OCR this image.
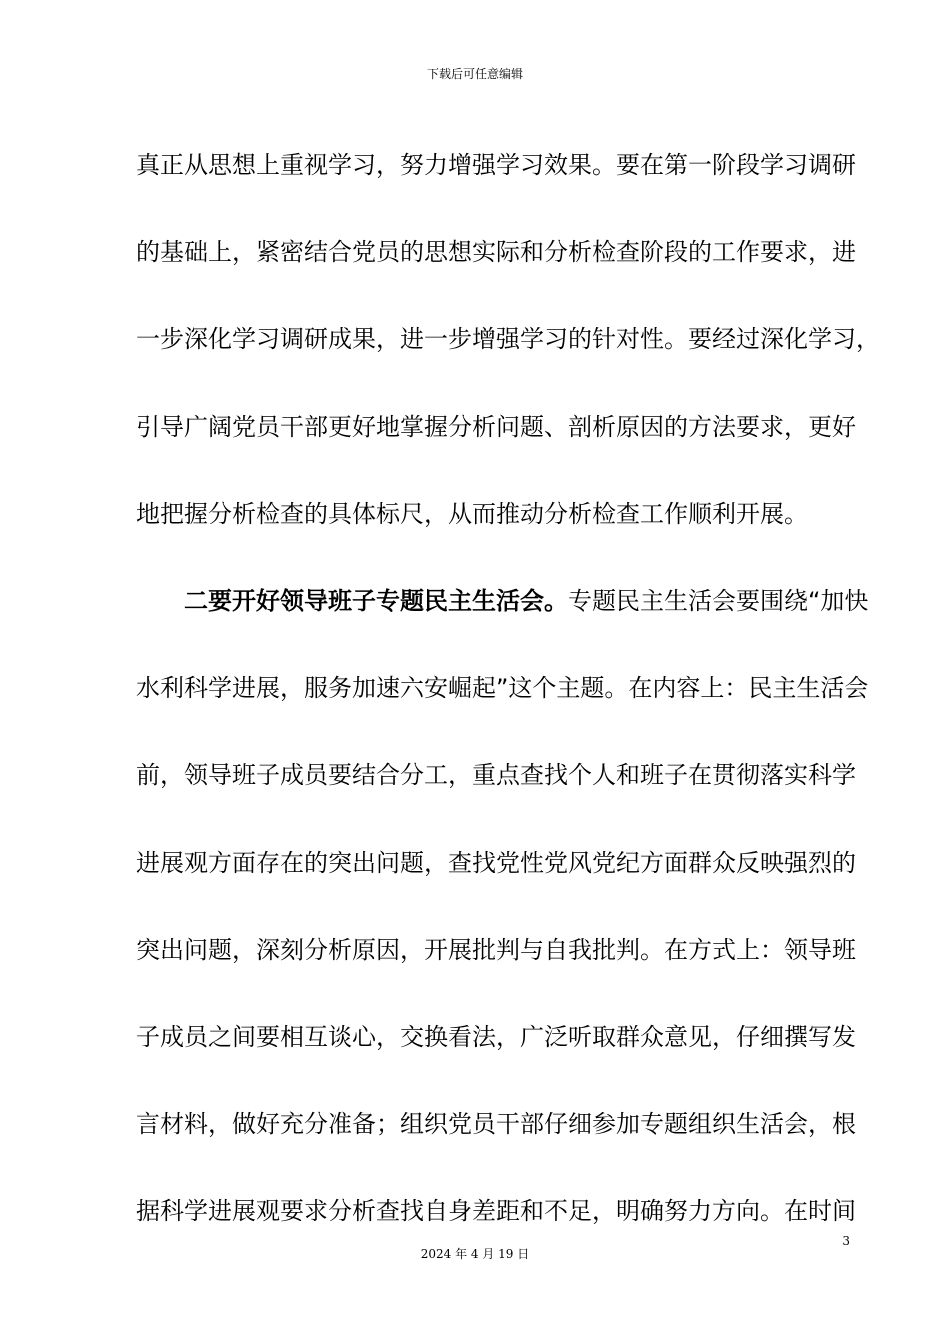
下载后可任意编辑
真正从思想上重视学习，努力增强学习效果。要在第一阶段学习调研
的基础上，紧密结合党员的思想实际和分析检查阶段的工作要求，进
一步深化学习调研成果，进一步增强学习的针对性。要经过深化学习，
引导广阔党员干部更好地掌握分析问题、剖析原因的方法要求，更好
地把握分析检查的具体标尺，从而推动分析检查工作顺利开展。
二要开好领导班子专题民主生活会。专题民主生活会要围绕“加快
水利科学进展，服务加速六安崛起”这个主题。在内容上：民主生活会
前，领导班子成员要结合分工，重点查找个人和班子在贯彻落实科学
进展观方面存在的突出问题，查找党性党风党纪方面群众反映强烈的
突出问题，深刻分析原因，开展批判与自我批判。在方式上：领导班
子成员之间要相互谈心，交换看法，广泛听取群众意见，仔细撰写发
言材料，做好充分准备；组织党员干部仔细参加专题组织生活会，根
据科学进展观要求分析查找自身差距和不足，明确努力方向。在时间
3
2024 年 4 月 19 日
